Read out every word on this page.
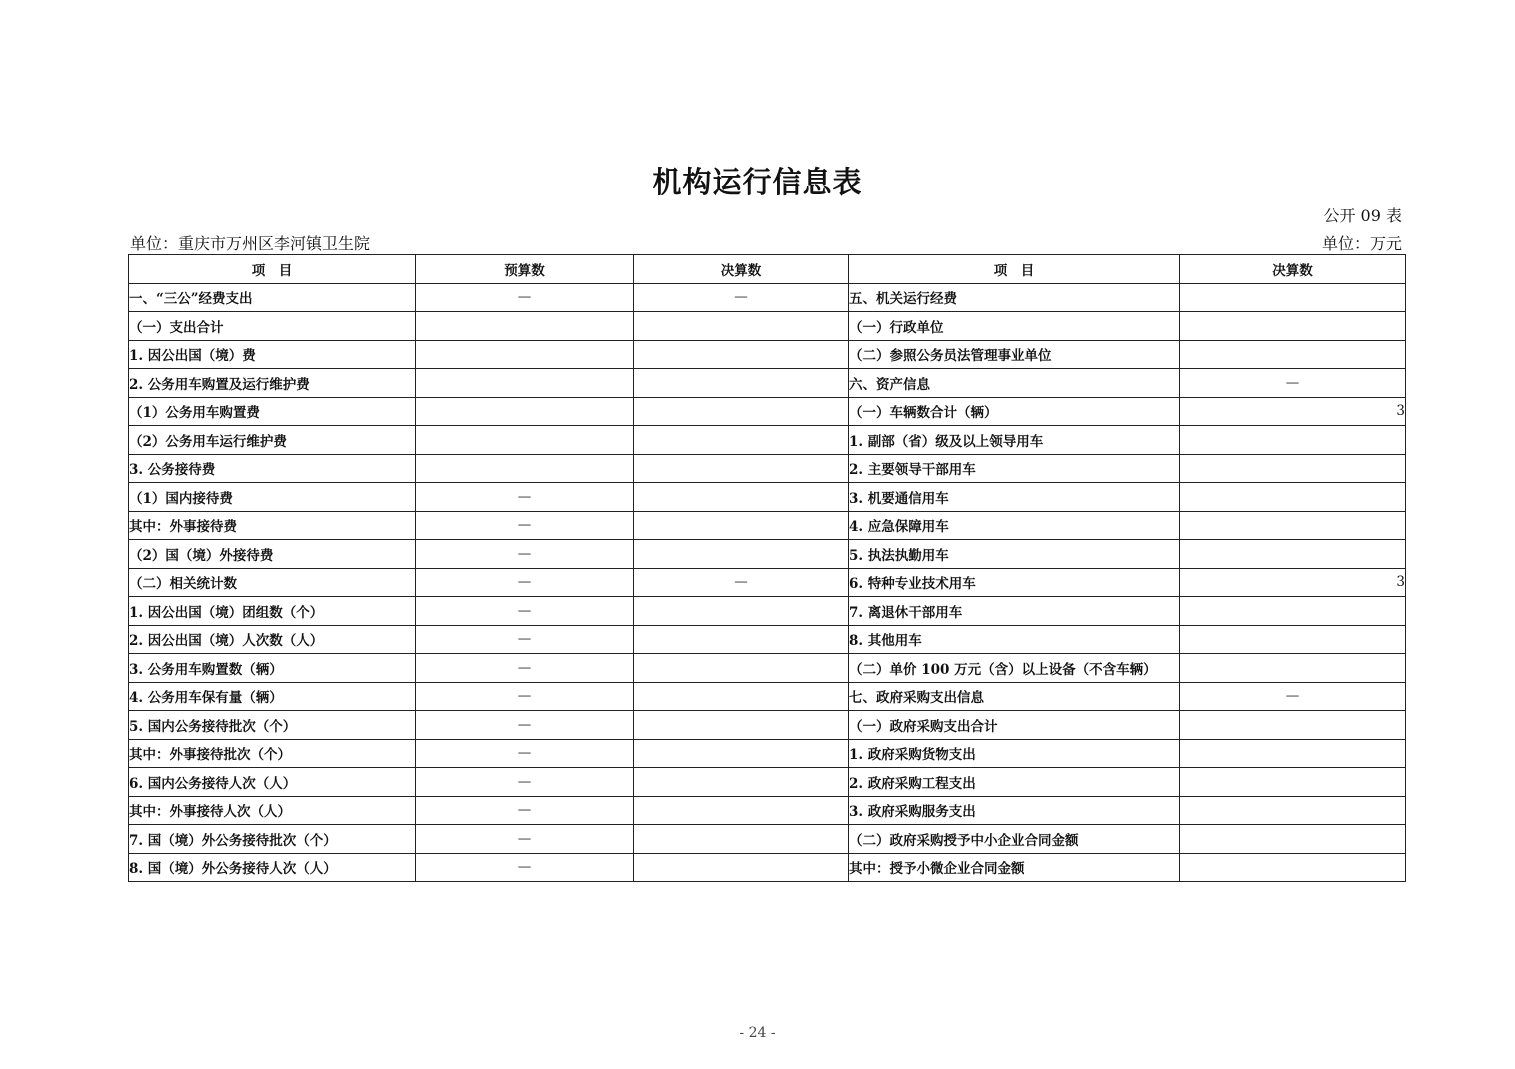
机构运行信息表
公开 09 表
单位：重庆市万州区李河镇卫生院	单位：万元
项　目	预算数	决算数	项　目	决算数
一、“三公”经费支出	—	—	五、机关运行经费	
（一）支出合计			（一）行政单位	
1. 因公出国（境）费			（二）参照公务员法管理事业单位	
2. 公务用车购置及运行维护费			六、资产信息	—
（1）公务用车购置费			（一）车辆数合计（辆）	3
（2）公务用车运行维护费			1. 副部（省）级及以上领导用车	
3. 公务接待费			2. 主要领导干部用车	
（1）国内接待费	—		3. 机要通信用车	
其中：外事接待费	—		4. 应急保障用车	
（2）国（境）外接待费	—		5. 执法执勤用车	
（二）相关统计数	—	—	6. 特种专业技术用车	3
1. 因公出国（境）团组数（个）	—		7. 离退休干部用车	
2. 因公出国（境）人次数（人）	—		8. 其他用车	
3. 公务用车购置数（辆）	—		（二）单价 100 万元（含）以上设备（不含车辆）	
4. 公务用车保有量（辆）	—		七、政府采购支出信息	—
5. 国内公务接待批次（个）	—		（一）政府采购支出合计	
其中：外事接待批次（个）	—		1. 政府采购货物支出	
6. 国内公务接待人次（人）	—		2. 政府采购工程支出	
其中：外事接待人次（人）	—		3. 政府采购服务支出	
7. 国（境）外公务接待批次（个）	—		（二）政府采购授予中小企业合同金额	
8. 国（境）外公务接待人次（人）	—		其中：授予小微企业合同金额	
- 24 -
